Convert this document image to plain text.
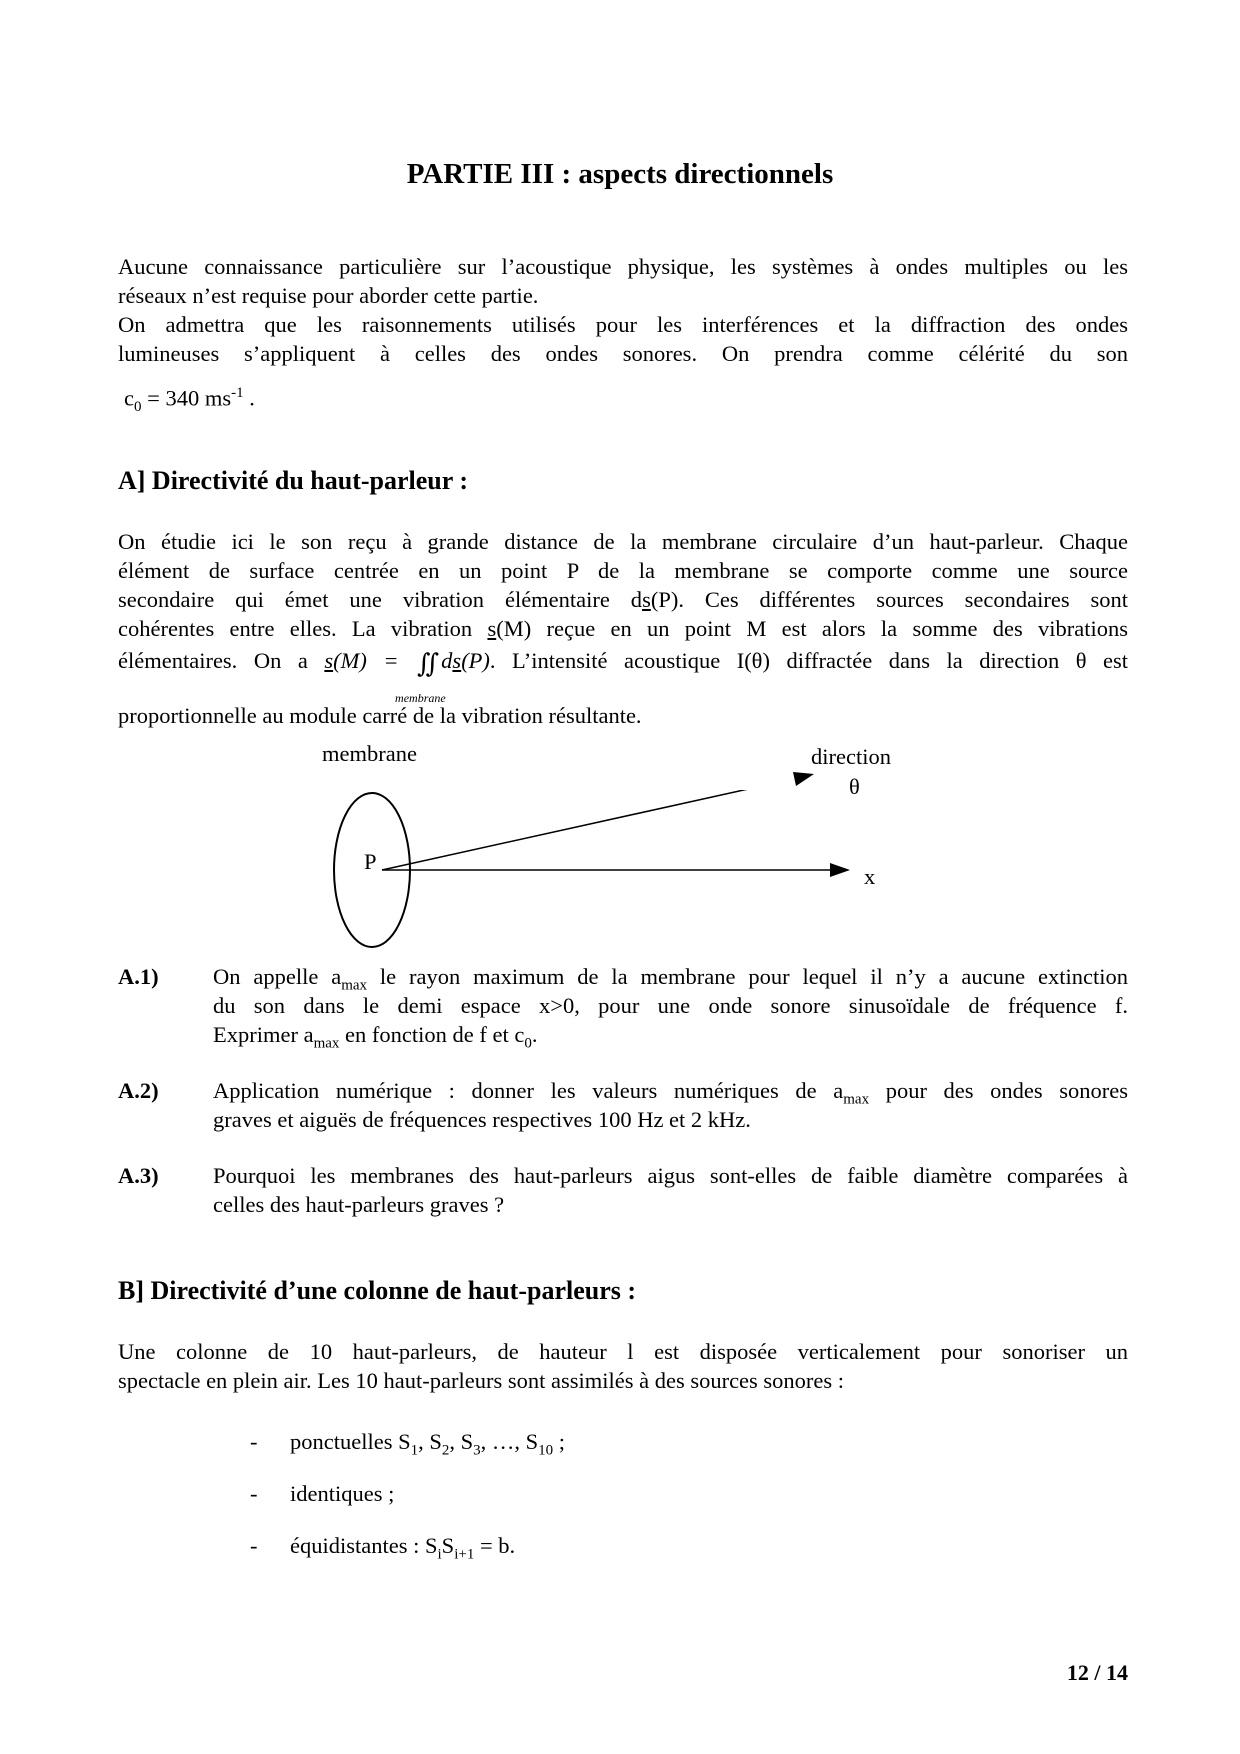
PARTIE III : aspects directionnels

Aucune connaissance particulière sur l’acoustique physique, les systèmes à ondes multiples ou les

réseaux n’est requise pour aborder cette partie.

On admettra que les raisonnements utilisés pour les interférences et la diffraction des ondes

lumineuses s’appliquent à celles des ondes sonores. On prendra comme célérité du son

$c_0 = 340$ $ms^{-1}$ .

A] Directivité du haut-parleur :

On étudie ici le son reçu à grande distance de la membrane circulaire d’un haut-parleur. Chaque

élément de surface centrée en un point P de la membrane se comporte comme une source

secondaire qui émet une vibration élémentaire ds(P). Ces différentes sources secondaires sont

cohérentes entre elles. La vibration s(M) reçue en un point M est alors la somme des vibrations

élémentaires. On a s(M) = ∬
membrane
ds(P). L’intensité acoustique I(θ) diffractée dans la direction θ est

proportionnelle au module carré de la vibration résultante.

membrane	direction
θ
P
x
A.1) On appelle $a_{max}$ le rayon maximum de la membrane pour lequel il n’y a aucune extinction

du son dans le demi espace x>0, pour une onde sonore sinusoïdale de fréquence f.

Exprimer $a_{max}$ en fonction de f et $c_0$.

A.2) Application numérique : donner les valeurs numériques de $a_{max}$ pour des ondes sonores

graves et aiguës de fréquences respectives 100 Hz et 2 kHz.

A.3) Pourquoi les membranes des haut-parleurs aigus sont-elles de faible diamètre comparées à

celles des haut-parleurs graves ?

B] Directivité d’une colonne de haut-parleurs :

Une colonne de 10 haut-parleurs, de hauteur l est disposée verticalement pour sonoriser un

spectacle en plein air. Les 10 haut-parleurs sont assimilés à des sources sonores :

- ponctuelles $S_1$, $S_2$, $S_3$, …, $S_{10}$ ;
- identiques ;
- équidistantes : $S_iS_{i+1} = b$.
12 / 14
